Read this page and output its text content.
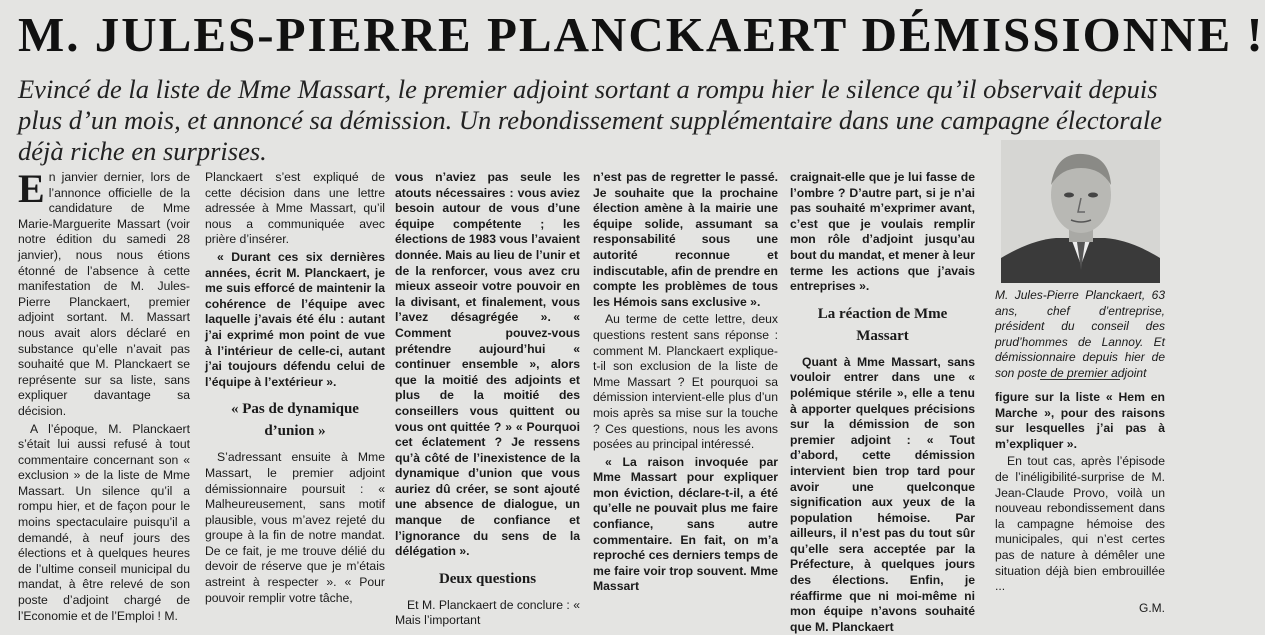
M. JULES-PIERRE PLANCKAERT DÉMISSIONNE !

Evincé de la liste de Mme Massart, le premier adjoint sortant a rompu hier le silence qu’il observait depuis plus d’un mois, et annoncé sa démission. Un rebondissement supplémentaire dans une campagne électorale déjà riche en surprises.

En janvier dernier, lors de l’annonce officielle de la candidature de Mme Marie-Marguerite Massart (voir notre édition du samedi 28 janvier), nous nous étions étonné de l’absence à cette manifestation de M. Jules-Pierre Planckaert, premier adjoint sortant. M. Massart nous avait alors déclaré en substance qu’elle n’avait pas souhaité que M. Planckaert se représente sur sa liste, sans expliquer davantage sa décision.

A l’époque, M. Planckaert s’était lui aussi refusé à tout commentaire concernant son « exclusion » de la liste de Mme Massart. Un silence qu’il a rompu hier, et de façon pour le moins spectaculaire puisqu’il a demandé, à neuf jours des élections et à quelques heures de l’ultime conseil municipal du mandat, à être relevé de son poste d’adjoint chargé de l’Economie et de l’Emploi ! M.

Planckaert s’est expliqué de cette décision dans une lettre adressée à Mme Massart, qu’il nous a communiquée avec prière d’insérer.

« Durant ces six dernières années, écrit M. Planckaert, je me suis efforcé de maintenir la cohérence de l’équipe avec laquelle j’avais été élu : autant j’ai exprimé mon point de vue à l’intérieur de celle-ci, autant j’ai toujours défendu celui de l’équipe à l’extérieur ».

« Pas de dynamique d’union »

S’adressant ensuite à Mme Massart, le premier adjoint démissionnaire poursuit : « Malheureusement, sans motif plausible, vous m’avez rejeté du groupe à la fin de notre mandat. De ce fait, je me trouve délié du devoir de réserve que je m’étais astreint à respecter ». « Pour pouvoir remplir votre tâche,

vous n’aviez pas seule les atouts nécessaires : vous aviez besoin autour de vous d’une équipe compétente ; les élections de 1983 vous l’avaient donnée. Mais au lieu de l’unir et de la renforcer, vous avez cru mieux asseoir votre pouvoir en la divisant, et finalement, vous l’avez désagrégée ». « Comment pouvez-vous prétendre aujourd’hui « continuer ensemble », alors que la moitié des adjoints et plus de la moitié des conseillers vous quittent ou vous ont quittée ? » « Pourquoi cet éclatement ? Je ressens qu’à côté de l’inexistence de la dynamique d’union que vous auriez dû créer, se sont ajouté une absence de dialogue, un manque de confiance et l’ignorance du sens de la délégation ».

Deux questions

Et M. Planckaert de conclure : « Mais l’important

n’est pas de regretter le passé. Je souhaite que la prochaine élection amène à la mairie une équipe solide, assumant sa responsabilité sous une autorité reconnue et indiscutable, afin de prendre en compte les problèmes de tous les Hémois sans exclusive ».

Au terme de cette lettre, deux questions restent sans réponse : comment M. Planckaert explique-t-il son exclusion de la liste de Mme Massart ? Et pourquoi sa démission intervient-elle plus d’un mois après sa mise sur la touche ? Ces questions, nous les avons posées au principal intéressé.

« La raison invoquée par Mme Massart pour expliquer mon éviction, déclare-t-il, a été qu’elle ne pouvait plus me faire confiance, sans autre commentaire. En fait, on m’a reproché ces derniers temps de me faire voir trop souvent. Mme Massart

craignait-elle que je lui fasse de l’ombre ? D’autre part, si je n’ai pas souhaité m’exprimer avant, c’est que je voulais remplir mon rôle d’adjoint jusqu’au bout du mandat, et mener à leur terme les actions que j’avais entreprises ».

La réaction de Mme Massart

Quant à Mme Massart, sans vouloir entrer dans une « polémique stérile », elle a tenu à apporter quelques précisions sur la démission de son premier adjoint : « Tout d’abord, cette démission intervient bien trop tard pour avoir une quelconque signification aux yeux de la population hémoise. Par ailleurs, il n’est pas du tout sûr qu’elle sera acceptée par la Préfecture, à quelques jours des élections. Enfin, je réaffirme que ni moi-même ni mon équipe n’avons souhaité que M. Planckaert

M. Jules-Pierre Planckaert, 63 ans, chef d’entreprise, président du conseil des prud’hommes de Lannoy. Et démissionnaire depuis hier de son poste de premier adjoint

figure sur la liste « Hem en Marche », pour des raisons sur lesquelles j’ai pas à m’expliquer ».

En tout cas, après l’épisode de l’inéligibilité-surprise de M. Jean-Claude Provo, voilà un nouveau rebondissement dans la campagne hémoise des municipales, qui n’est certes pas de nature à démêler une situation déjà bien embrouillée ...

G.M.
